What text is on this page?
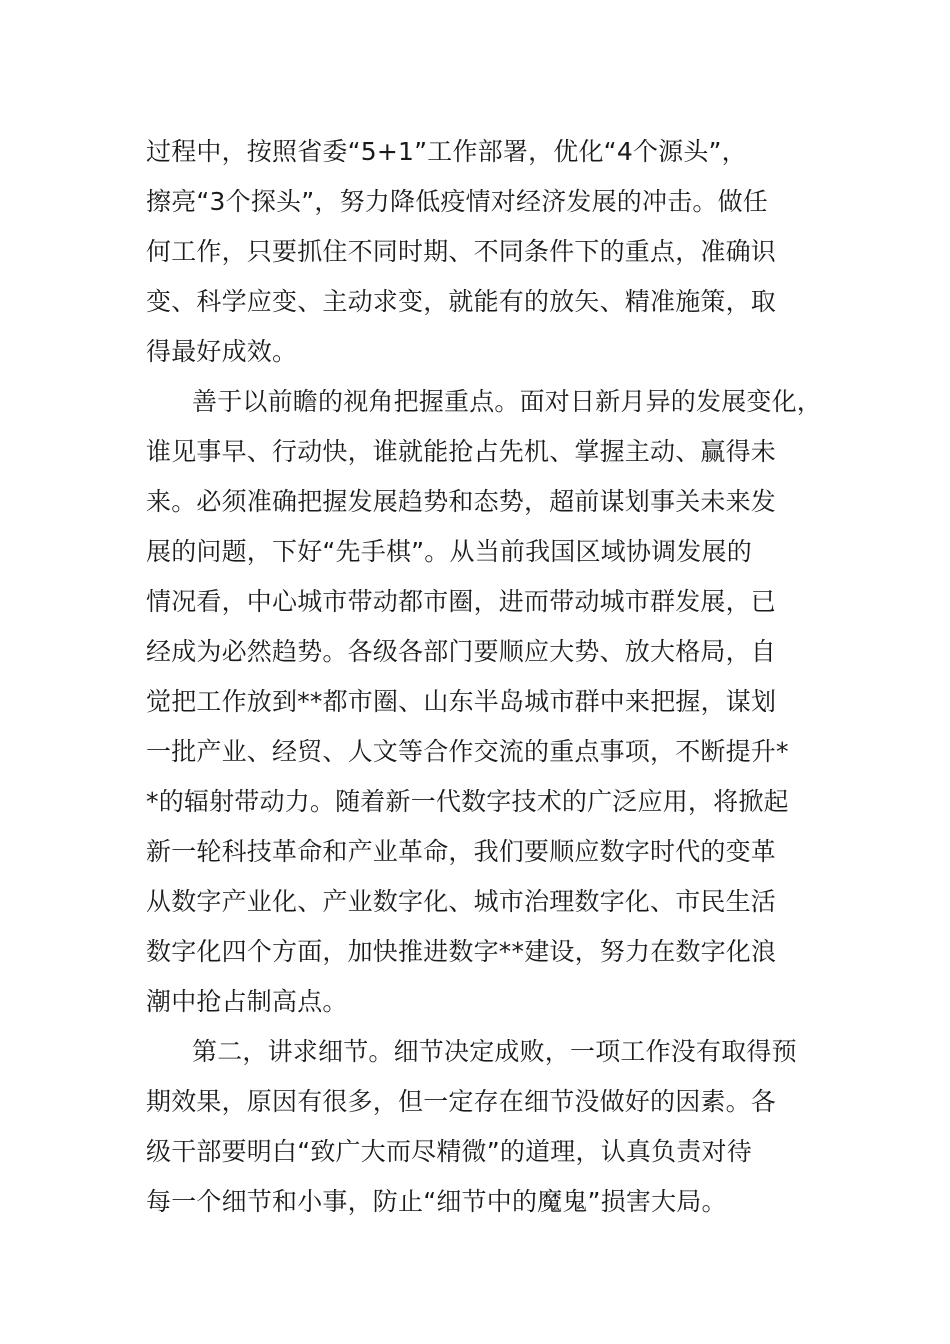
过程中，按照省委“5+1”工作部署，优化“4个源头”，
擦亮“3个探头”，努力降低疫情对经济发展的冲击。做任
何工作，只要抓住不同时期、不同条件下的重点，准确识
变、科学应变、主动求变，就能有的放矢、精准施策，取
得最好成效。
善于以前瞻的视角把握重点。面对日新月异的发展变化，
谁见事早、行动快，谁就能抢占先机、掌握主动、赢得未
来。必须准确把握发展趋势和态势，超前谋划事关未来发
展的问题，下好“先手棋”。从当前我国区域协调发展的
情况看，中心城市带动都市圈，进而带动城市群发展，已
经成为必然趋势。各级各部门要顺应大势、放大格局，自
觉把工作放到**都市圈、山东半岛城市群中来把握，谋划
一批产业、经贸、人文等合作交流的重点事项，不断提升*
*的辐射带动力。随着新一代数字技术的广泛应用，将掀起
新一轮科技革命和产业革命，我们要顺应数字时代的变革
从数字产业化、产业数字化、城市治理数字化、市民生活
数字化四个方面，加快推进数字**建设，努力在数字化浪
潮中抢占制高点。
第二，讲求细节。细节决定成败，一项工作没有取得预
期效果，原因有很多，但一定存在细节没做好的因素。各
级干部要明白“致广大而尽精微”的道理，认真负责对待
每一个细节和小事，防止“细节中的魔鬼”损害大局。
